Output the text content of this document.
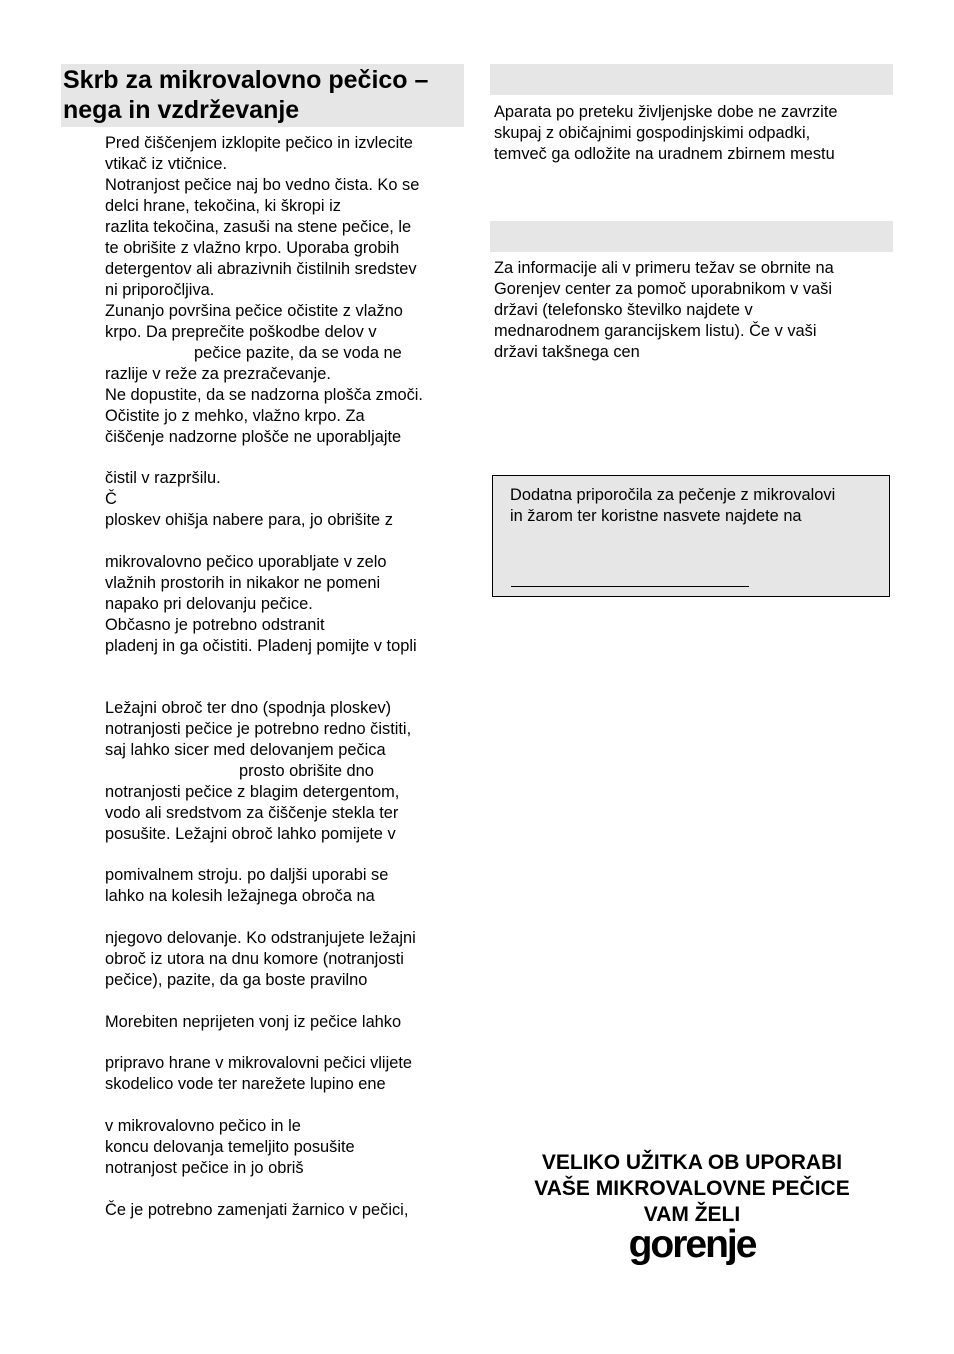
Skrb za mikrovalovno pečico – nega in vzdrževanje
Pred čiščenjem izklopite pečico in izvlecite
vtikač iz vtičnice.
Notranjost pečice naj bo vedno čista. Ko se
delci hrane, tekočina, ki škropi iz
razlita tekočina, zasuši na stene pečice, le
te obrišite z vlažno krpo. Uporaba grobih
detergentov ali abrazivnih čistilnih sredstev
ni priporočljiva.
Zunanjo površina pečice očistite z vlažno
krpo. Da preprečite poškodbe delov v
pečice pazite, da se voda ne
razlije v reže za prezračevanje.
Ne dopustite, da se nadzorna plošča zmoči.
Očistite jo z mehko, vlažno krpo. Za
čiščenje nadzorne plošče ne uporabljajte
čistil v razpršilu.
Č
ploskev ohišja nabere para, jo obrišite z
mikrovalovno pečico uporabljate v zelo
vlažnih prostorih in nikakor ne pomeni
napako pri delovanju pečice.
Občasno je potrebno odstranit
pladenj in ga očistiti. Pladenj pomijte v topli
Ležajni obroč ter dno (spodnja ploskev)
notranjosti pečice je potrebno redno čistiti,
saj lahko sicer med delovanjem pečica
prosto obrišite dno
notranjosti pečice z blagim detergentom,
vodo ali sredstvom za čiščenje stekla ter
posušite. Ležajni obroč lahko pomijete v
pomivalnem stroju. po daljši uporabi se
lahko na kolesih ležajnega obroča na
njegovo delovanje. Ko odstranjujete ležajni
obroč iz utora na dnu komore (notranjosti
pečice), pazite, da ga boste pravilno
Morebiten neprijeten vonj iz pečice lahko
pripravo hrane v mikrovalovni pečici vlijete
skodelico vode ter narežete lupino ene
v mikrovalovno pečico in le
koncu delovanja temeljito posušite
notranjost pečice in jo obriš
Če je potrebno zamenjati žarnico v pečici,
Aparata po preteku življenjske dobe ne zavrzite
skupaj z običajnimi gospodinjskimi odpadki,
temveč ga odložite na uradnem zbirnem mestu
Za informacije ali v primeru težav se obrnite na
Gorenjev center za pomoč uporabnikom v vaši
državi (telefonsko številko najdete v
mednarodnem garancijskem listu). Če v vaši
državi takšnega cen
Dodatna priporočila za pečenje z mikrovalovi
in žarom ter koristne nasvete najdete na
VELIKO UŽITKA OB UPORABI
VAŠE MIKROVALOVNE PEČICE
VAM ŽELI
gorenje
